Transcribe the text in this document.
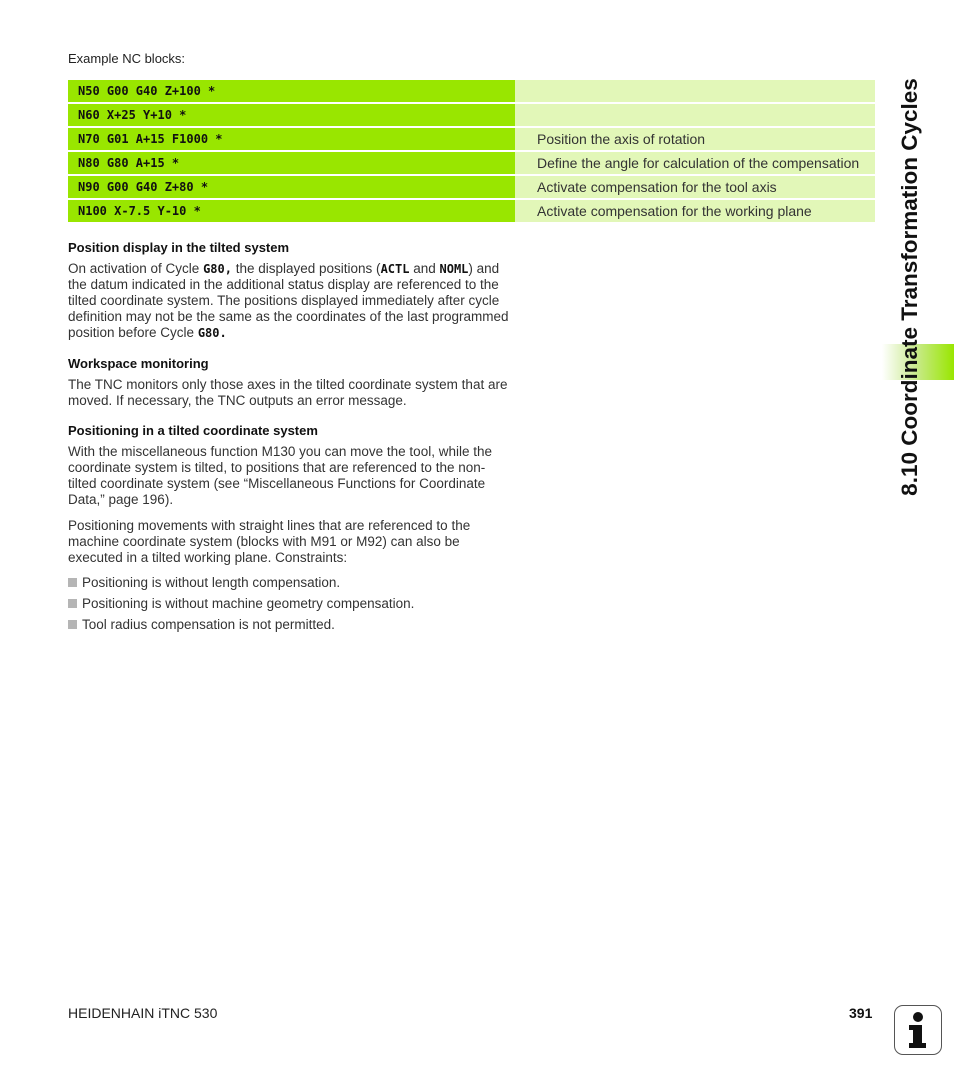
Example NC blocks:
N50 G00 G40 Z+100 *
N60 X+25 Y+10 *
N70 G01 A+15 F1000 *	Position the axis of rotation
N80 G80 A+15 *	Define the angle for calculation of the compensation
N90 G00 G40 Z+80 *	Activate compensation for the tool axis
N100 X-7.5 Y-10 *	Activate compensation for the working plane
Position display in the tilted system

On activation of Cycle G80, the displayed positions (ACTL and NOML) and the datum indicated in the additional status display are referenced to the tilted coordinate system. The positions displayed immediately after cycle definition may not be the same as the coordinates of the last programmed position before Cycle G80.

Workspace monitoring

The TNC monitors only those axes in the tilted coordinate system that are moved. If necessary, the TNC outputs an error message.

Positioning in a tilted coordinate system

With the miscellaneous function M130 you can move the tool, while the coordinate system is tilted, to positions that are referenced to the non-tilted coordinate system (see “Miscellaneous Functions for Coordinate Data,” page 196).

Positioning movements with straight lines that are referenced to the machine coordinate system (blocks with M91 or M92) can also be executed in a tilted working plane. Constraints:

Positioning is without length compensation.
Positioning is without machine geometry compensation.
Tool radius compensation is not permitted.
8.10 Coordinate Transformation Cycles
HEIDENHAIN iTNC 530	391
